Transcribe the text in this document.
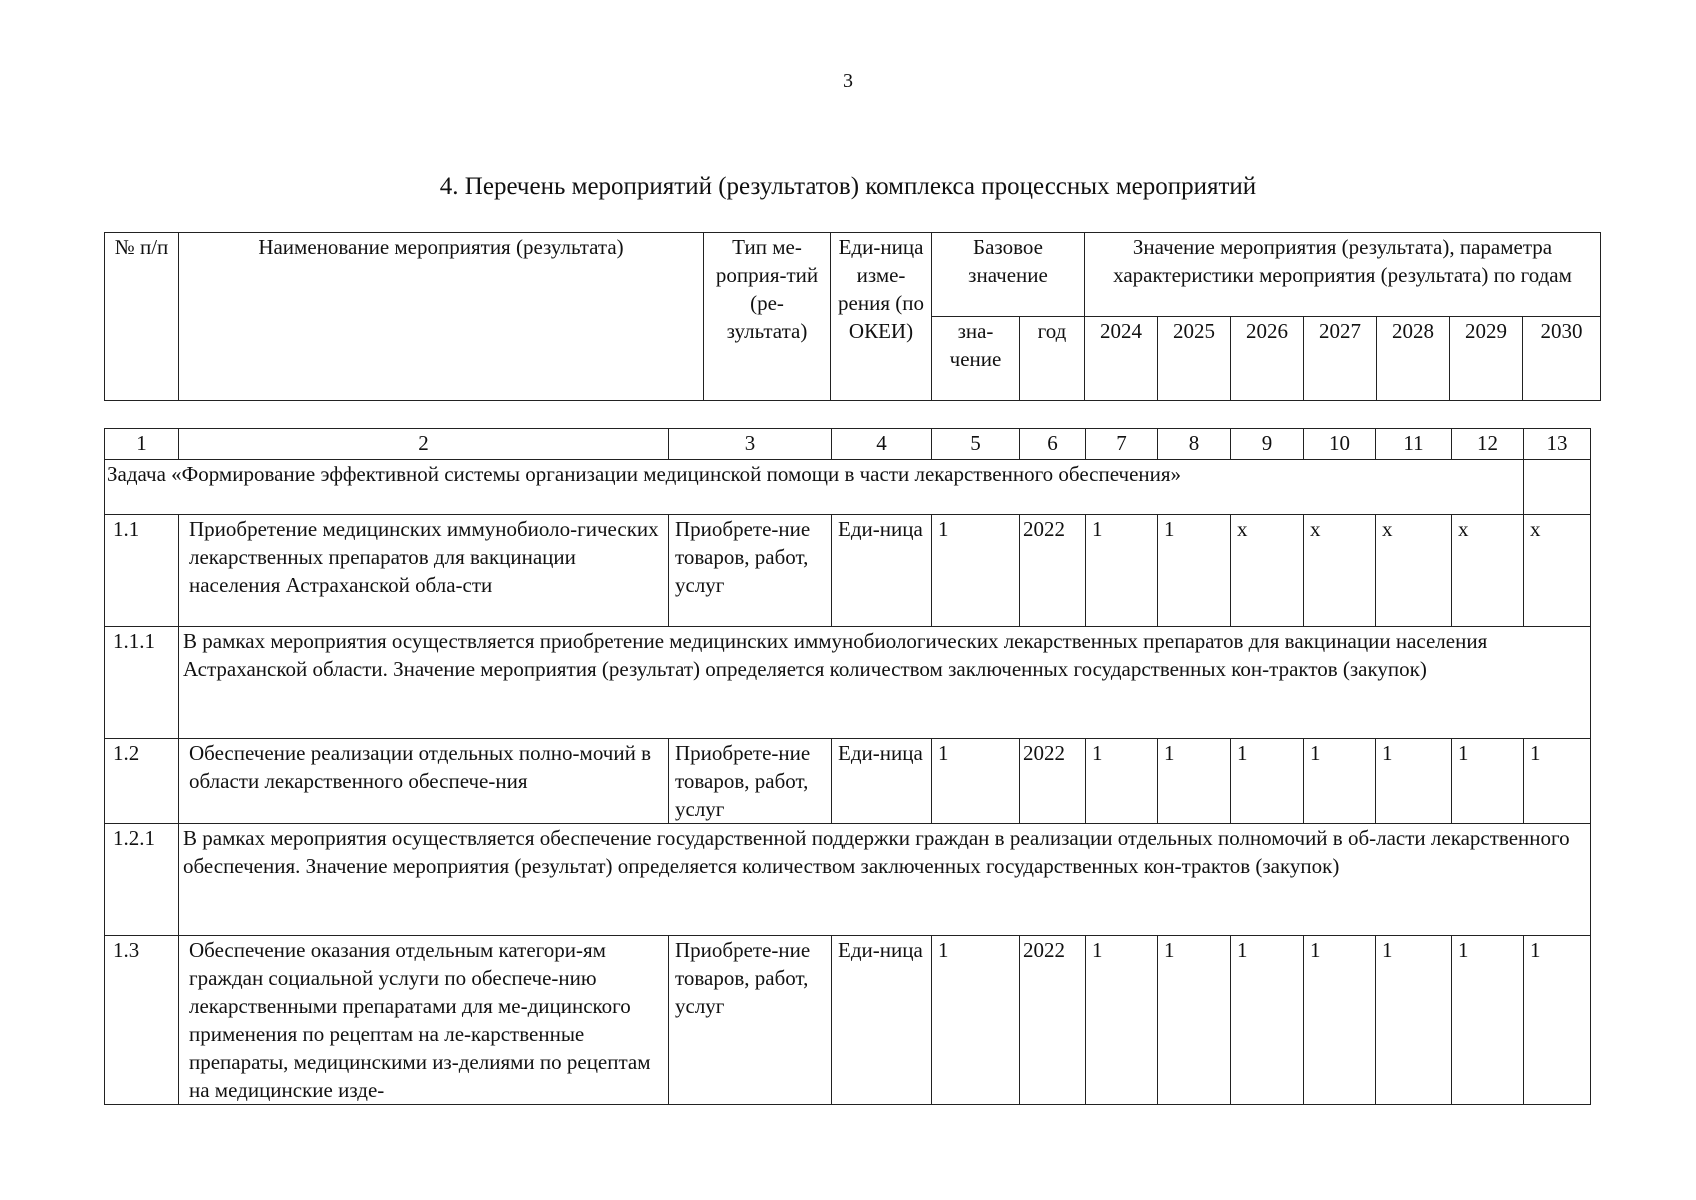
3
4. Перечень мероприятий (результатов) комплекса процессных мероприятий
№ п/п	Наименование мероприятия (результата)	Тип ме-роприя-тий (ре-зультата)	Еди-ница изме-рения (по ОКЕИ)	Базовое значение		Значение мероприятия (результата), параметра характеристики мероприятия (результата) по годам						
				зна-чение	год	2024	2025	2026	2027	2028	2029	2030
1	2	3	4	5	6	7	8	9	10	11	12	13
Задача «Формирование эффективной системы организации медицинской помощи в части лекарственного обеспечения»												
1.1	Приобретение медицинских иммунобиоло-гических лекарственных препаратов для вакцинации населения Астраханской обла-сти	Приобрете-ние товаров, работ, услуг	Еди-ница	1	2022	1	1	x	x	x	x	x
1.1.1	В рамках мероприятия осуществляется приобретение медицинских иммунобиологических лекарственных препаратов для вакцинации населения Астраханской области. Значение мероприятия (результат) определяется количеством заключенных государственных кон-трактов (закупок)											
1.2	Обеспечение реализации отдельных полно-мочий в области лекарственного обеспече-ния	Приобрете-ние товаров, работ, услуг	Еди-ница	1	2022	1	1	1	1	1	1	1
1.2.1	В рамках мероприятия осуществляется обеспечение государственной поддержки граждан в реализации отдельных полномочий в об-ласти лекарственного обеспечения. Значение мероприятия (результат) определяется количеством заключенных государственных кон-трактов (закупок)											
1.3	Обеспечение оказания отдельным категори-ям граждан социальной услуги по обеспече-нию лекарственными препаратами для ме-дицинского применения по рецептам на ле-карственные препараты, медицинскими из-делиями по рецептам на медицинские изде-	Приобрете-ние товаров, работ, услуг	Еди-ница	1	2022	1	1	1	1	1	1	1
